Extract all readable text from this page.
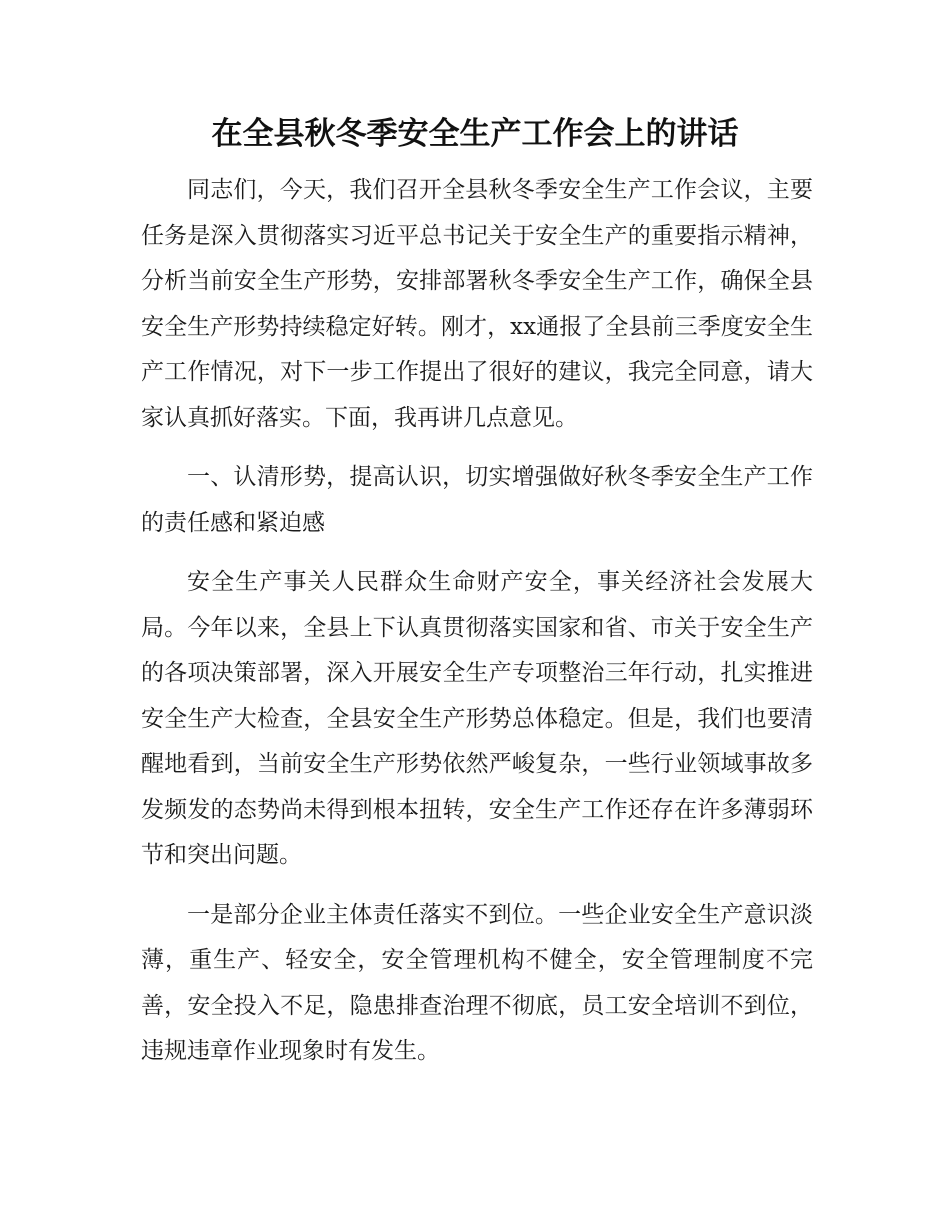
在全县秋冬季安全生产工作会上的讲话

同志们，今天，我们召开全县秋冬季安全生产工作会议，主要任务是深入贯彻落实习近平总书记关于安全生产的重要指示精神，分析当前安全生产形势，安排部署秋冬季安全生产工作，确保全县安全生产形势持续稳定好转。刚才，xx通报了全县前三季度安全生产工作情况，对下一步工作提出了很好的建议，我完全同意，请大家认真抓好落实。下面，我再讲几点意见。

一、认清形势，提高认识，切实增强做好秋冬季安全生产工作的责任感和紧迫感

安全生产事关人民群众生命财产安全，事关经济社会发展大局。今年以来，全县上下认真贯彻落实国家和省、市关于安全生产的各项决策部署，深入开展安全生产专项整治三年行动，扎实推进安全生产大检查，全县安全生产形势总体稳定。但是，我们也要清醒地看到，当前安全生产形势依然严峻复杂，一些行业领域事故多发频发的态势尚未得到根本扭转，安全生产工作还存在许多薄弱环节和突出问题。

一是部分企业主体责任落实不到位。一些企业安全生产意识淡薄，重生产、轻安全，安全管理机构不健全，安全管理制度不完善，安全投入不足，隐患排查治理不彻底，员工安全培训不到位，违规违章作业现象时有发生。
